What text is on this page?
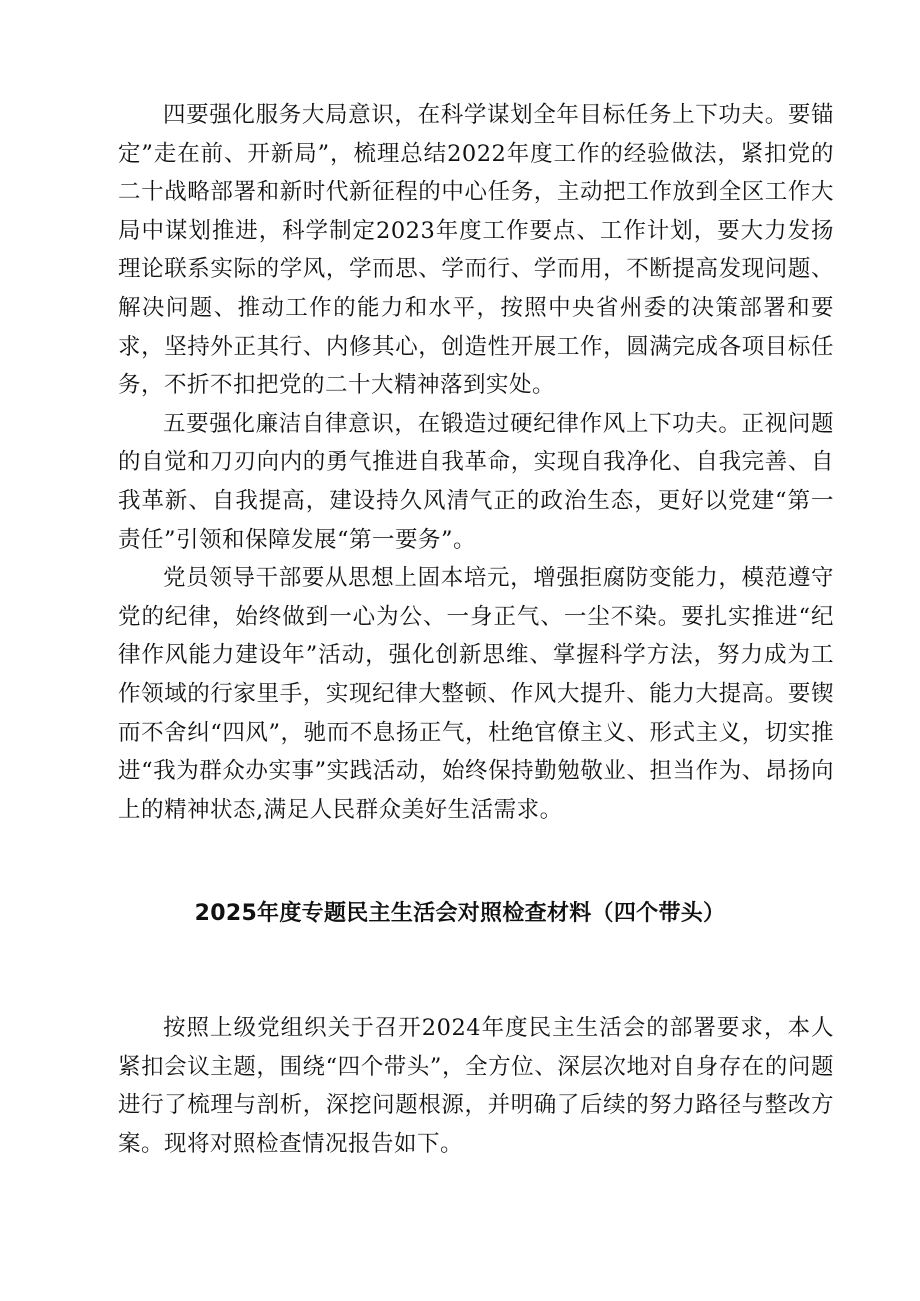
四要强化服务大局意识，在科学谋划全年目标任务上下功夫。要锚定”走在前、开新局”，梳理总结2022年度工作的经验做法，紧扣党的二十战略部署和新时代新征程的中心任务，主动把工作放到全区工作大局中谋划推进，科学制定2023年度工作要点、工作计划，要大力发扬理论联系实际的学风，学而思、学而行、学而用，不断提高发现问题、解决问题、推动工作的能力和水平，按照中央省州委的决策部署和要求，坚持外正其行、内修其心，创造性开展工作，圆满完成各项目标任务，不折不扣把党的二十大精神落到实处。

五要强化廉洁自律意识，在锻造过硬纪律作风上下功夫。正视问题的自觉和刀刃向内的勇气推进自我革命，实现自我净化、自我完善、自我革新、自我提高，建设持久风清气正的政治生态，更好以党建“第一责任”引领和保障发展“第一要务”。

党员领导干部要从思想上固本培元，增强拒腐防变能力，模范遵守党的纪律，始终做到一心为公、一身正气、一尘不染。要扎实推进“纪律作风能力建设年”活动，强化创新思维、掌握科学方法，努力成为工作领域的行家里手，实现纪律大整顿、作风大提升、能力大提高。要锲而不舍纠“四风”，驰而不息扬正气，杜绝官僚主义、形式主义，切实推进“我为群众办实事”实践活动，始终保持勤勉敬业、担当作为、昂扬向上的精神状态,满足人民群众美好生活需求。

2025年度专题民主生活会对照检查材料（四个带头）

按照上级党组织关于召开2024年度民主生活会的部署要求，本人紧扣会议主题，围绕“四个带头”，全方位、深层次地对自身存在的问题进行了梳理与剖析，深挖问题根源，并明确了后续的努力路径与整改方案。现将对照检查情况报告如下。
